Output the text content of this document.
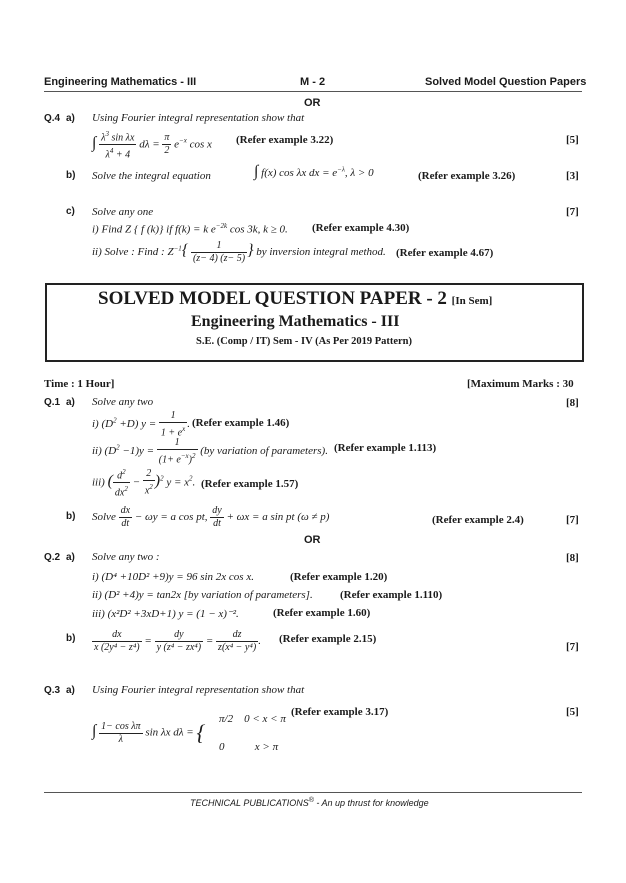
Engineering Mathematics - III	M - 2	Solved Model Question Papers
OR
Q.4 a) Using Fourier integral representation show that
∫ $\frac{\lambda^3 \sin \lambda x}{\lambda^4 + 4}$ $d\lambda = \frac{\pi}{2} e^{-x}$ cos x (Refer example 3.22)	[5]
b) Solve the integral equation	∫ f(x) cos λx dx = $e^{-\lambda}$, λ > 0	(Refer example 3.26)	[3]
c) Solve any one	[7]
i) Find Z { f (k)} if f(k) = k $e^{-2k}$ cos 3k, k ≥ 0. (Refer example 4.30)
ii) Solve : Find : $Z^{-1}\{ \frac{1}{(z- 4) (z- 5)}$ } by inversion integral method. (Refer example 4.67)
SOLVED MODEL QUESTION PAPER - 2 [In Sem]
Engineering Mathematics - III
S.E. (Comp / IT) Sem - IV (As Per 2019 Pattern)
Time : 1 Hour]	[Maximum Marks : 30
Q.1 a) Solve any two	[8]
i) $(D^2 +D) y = \frac{1}{1 + e^x}$ . (Refer example 1.46)
ii) $(D^2 -1)y = \frac{1}{(1+ e^{-x})^2} (by$ variation of parameters). (Refer example 1.113)
iii) ( $\frac{d^2}{dx^2} - \frac{2}{x^2} )^2$ $y = x^2$. (Refer example 1.57)
b) Solve $\frac{dx}{dt} - \omega y = a$ cos pt, $\frac{dy}{dt} + \omega x = a$ sin pt (ω ≠ p)	(Refer example 2.4)	[7]
OR
Q.2 a) Solve any two :	[8]
i) (D⁴ +10D² +9)y = 96 sin 2x cos x.	(Refer example 1.20)
ii) (D² +4)y = tan2x [by variation of parameters]. (Refer example 1.110)
iii) (x²D² +3xD+1) y = (1 − x)⁻².	(Refer example 1.60)
$b) \frac{dx}{\text{x (2y⁴ − z⁴)}} = \frac{dy}{\text{y (z⁴ − zx⁴)}} = \frac{dz}{\text{z(x⁴ − y⁴)}}$ . (Refer example 2.15)
[7]
Q.3 a) Using Fourier integral representation show that
∫ $\frac{\text{1− cos λπ}}{\lambda}$ sin λx dλ = {
π/2    0 < x < π

0           x > π

(Refer example 3.17)	[5]
TECHNICAL PUBLICATIONS® - An up thrust for knowledge
